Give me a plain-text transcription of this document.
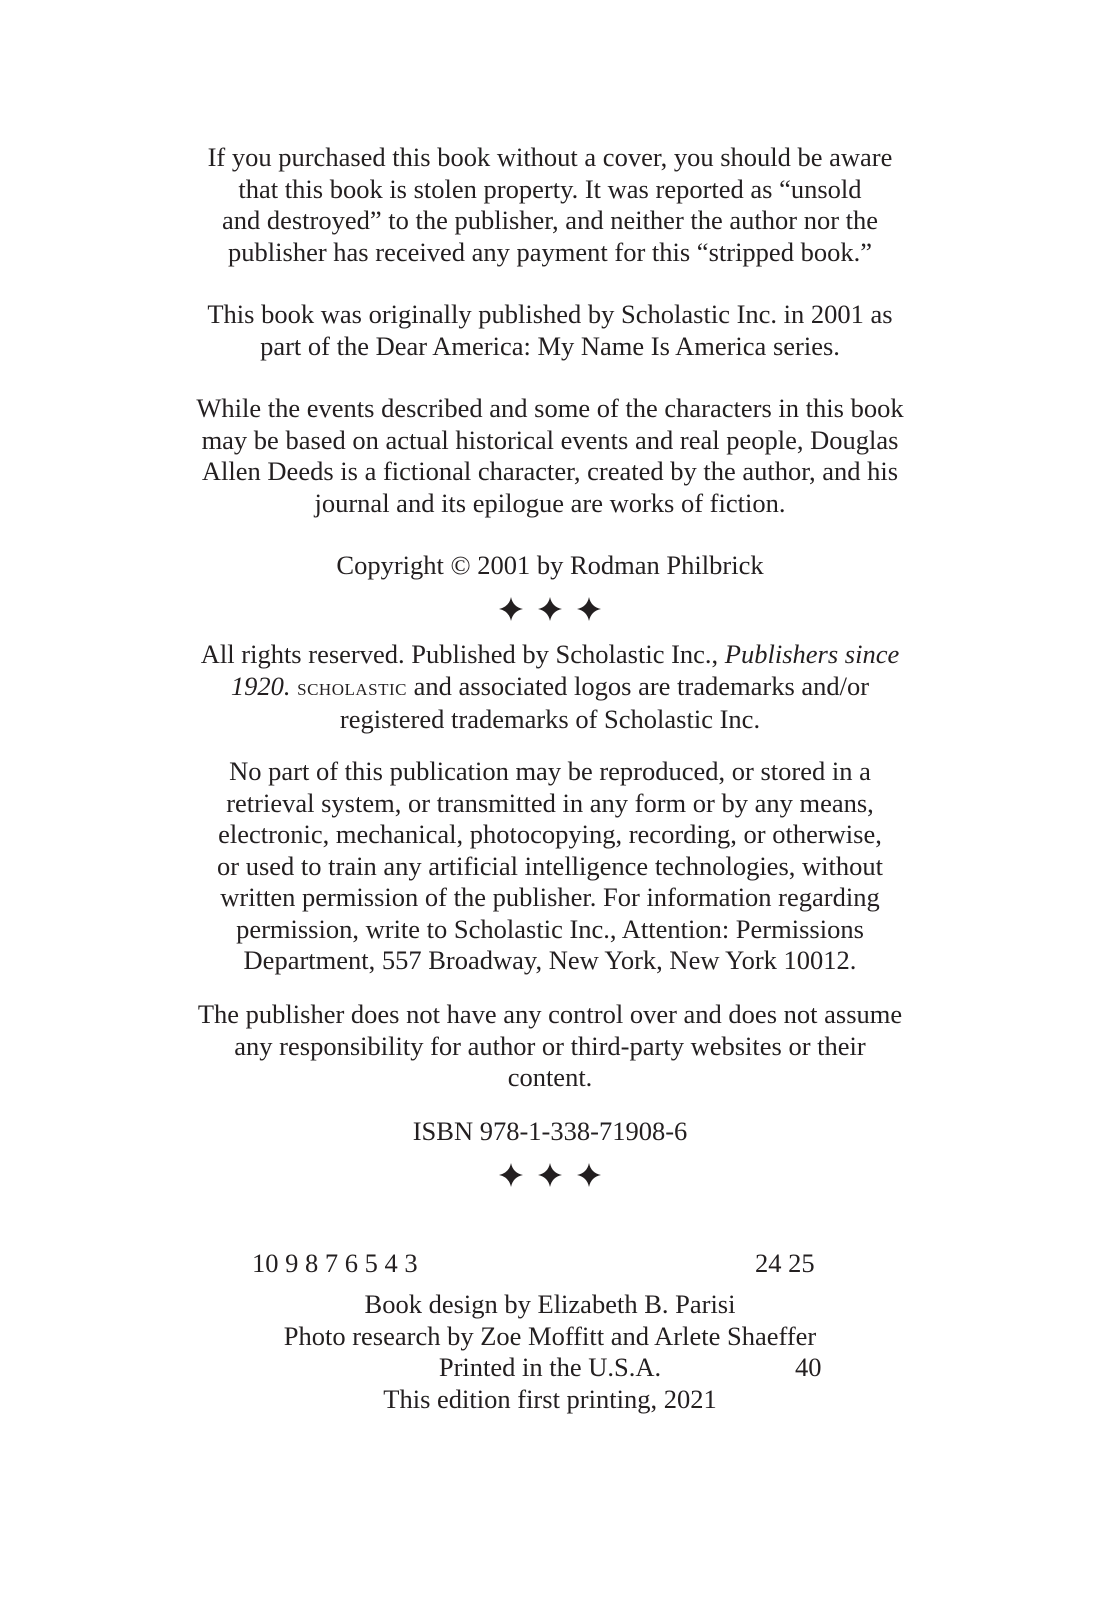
If you purchased this book without a cover, you should be aware
that this book is stolen property. It was reported as “unsold
and destroyed” to the publisher, and neither the author nor the
publisher has received any payment for this “stripped book.”
This book was originally published by Scholastic Inc. in 2001 as
part of the Dear America: My Name Is America series.
While the events described and some of the characters in this book
may be based on actual historical events and real people, Douglas
Allen Deeds is a fictional character, created by the author, and his
journal and its epilogue are works of fiction.
Copyright © 2001 by Rodman Philbrick
All rights reserved. Published by Scholastic Inc., Publishers since
1920. scholastic and associated logos are trademarks and/or
registered trademarks of Scholastic Inc.
No part of this publication may be reproduced, or stored in a
retrieval system, or transmitted in any form or by any means,
electronic, mechanical, photocopying, recording, or otherwise,
or used to train any artificial intelligence technologies, without
written permission of the publisher. For information regarding
permission, write to Scholastic Inc., Attention: Permissions
Department, 557 Broadway, New York, New York 10012.
The publisher does not have any control over and does not assume
any responsibility for author or third-party websites or their
content.
ISBN 978-1-338-71908-6
10 9 8 7 6 5 4 3	24 25
Book design by Elizabeth B. Parisi
Photo research by Zoe Moffitt and Arlete Shaeffer
Printed in the U.S.A.
This edition first printing, 2021
40
